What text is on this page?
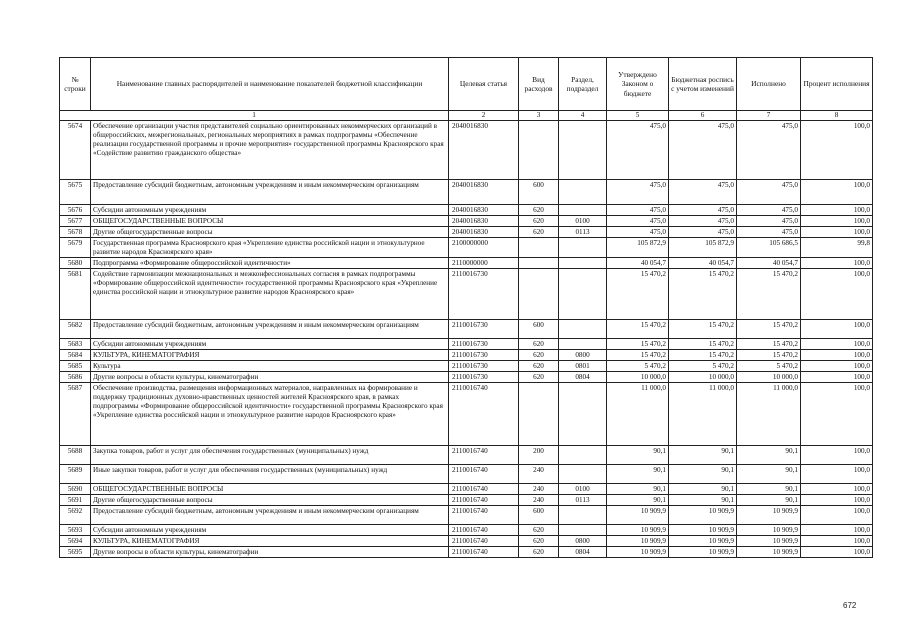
№ строки	Наименование главных распорядителей и наименование показателей бюджетной классификации	Целевая статья	Вид расходов	Раздел, подраздел	Утверждено Законом о бюджете	Бюджетная роспись с учетом изменений	Исполнено	Процент исполнения
1		2	3	4	5	6	7	8
5674	Обеспечение организации участия представителей социально ориентированных некоммерческих организаций в общероссийских, межрегиональных, региональных мероприятиях в рамках подпрограммы «Обеспечение реализации государственной программы и прочие мероприятия» государственной программы Красноярского края «Содействие развитию гражданского общества»	2040016830			475,0	475,0	475,0	100,0
5675	Предоставление субсидий бюджетным, автономным учреждениям и иным некоммерческим организациям	2040016830	600		475,0	475,0	475,0	100,0
5676	Субсидии автономным учреждениям	2040016830	620		475,0	475,0	475,0	100,0
5677	ОБЩЕГОСУДАРСТВЕННЫЕ ВОПРОСЫ	2040016830	620	0100	475,0	475,0	475,0	100,0
5678	Другие общегосударственные вопросы	2040016830	620	0113	475,0	475,0	475,0	100,0
5679	Государственная программа Красноярского края «Укрепление единства российской нации и этнокультурное развитие народов Красноярского края»	2100000000			105 872,9	105 872,9	105 686,5	99,8
5680	Подпрограмма «Формирование общероссийской идентичности»	2110000000			40 054,7	40 054,7	40 054,7	100,0
5681	Содействие гармонизации межнациональных и межконфессиональных согласия в рамках подпрограммы «Формирование общероссийской идентичности» государственной программы Красноярского края «Укрепление единства российской нации и этнокультурное развитие народов Красноярского края»	2110016730			15 470,2	15 470,2	15 470,2	100,0
5682	Предоставление субсидий бюджетным, автономным учреждениям и иным некоммерческим организациям	2110016730	600		15 470,2	15 470,2	15 470,2	100,0
5683	Субсидии автономным учреждениям	2110016730	620		15 470,2	15 470,2	15 470,2	100,0
5684	КУЛЬТУРА, КИНЕМАТОГРАФИЯ	2110016730	620	0800	15 470,2	15 470,2	15 470,2	100,0
5685	Культура	2110016730	620	0801	5 470,2	5 470,2	5 470,2	100,0
5686	Другие вопросы в области культуры, кинематографии	2110016730	620	0804	10 000,0	10 000,0	10 000,0	100,0
5687	Обеспечение производства, размещения информационных материалов, направленных на формирование и поддержку традиционных духовно-нравственных ценностей жителей Красноярского края, в рамках подпрограммы «Формирование общероссийской идентичности» государственной программы Красноярского края «Укрепление единства российской нации и этнокультурное развитие народов Красноярского края»	2110016740			11 000,0	11 000,0	11 000,0	100,0
5688	Закупка товаров, работ и услуг для обеспечения государственных (муниципальных) нужд	2110016740	200		90,1	90,1	90,1	100,0
5689	Иные закупки товаров, работ и услуг для обеспечения государственных (муниципальных) нужд	2110016740	240		90,1	90,1	90,1	100,0
5690	ОБЩЕГОСУДАРСТВЕННЫЕ ВОПРОСЫ	2110016740	240	0100	90,1	90,1	90,1	100,0
5691	Другие общегосударственные вопросы	2110016740	240	0113	90,1	90,1	90,1	100,0
5692	Предоставление субсидий бюджетным, автономным учреждениям и иным некоммерческим организациям	2110016740	600		10 909,9	10 909,9	10 909,9	100,0
5693	Субсидии автономным учреждениям	2110016740	620		10 909,9	10 909,9	10 909,9	100,0
5694	КУЛЬТУРА, КИНЕМАТОГРАФИЯ	2110016740	620	0800	10 909,9	10 909,9	10 909,9	100,0
5695	Другие вопросы в области культуры, кинематографии	2110016740	620	0804	10 909,9	10 909,9	10 909,9	100,0
672
